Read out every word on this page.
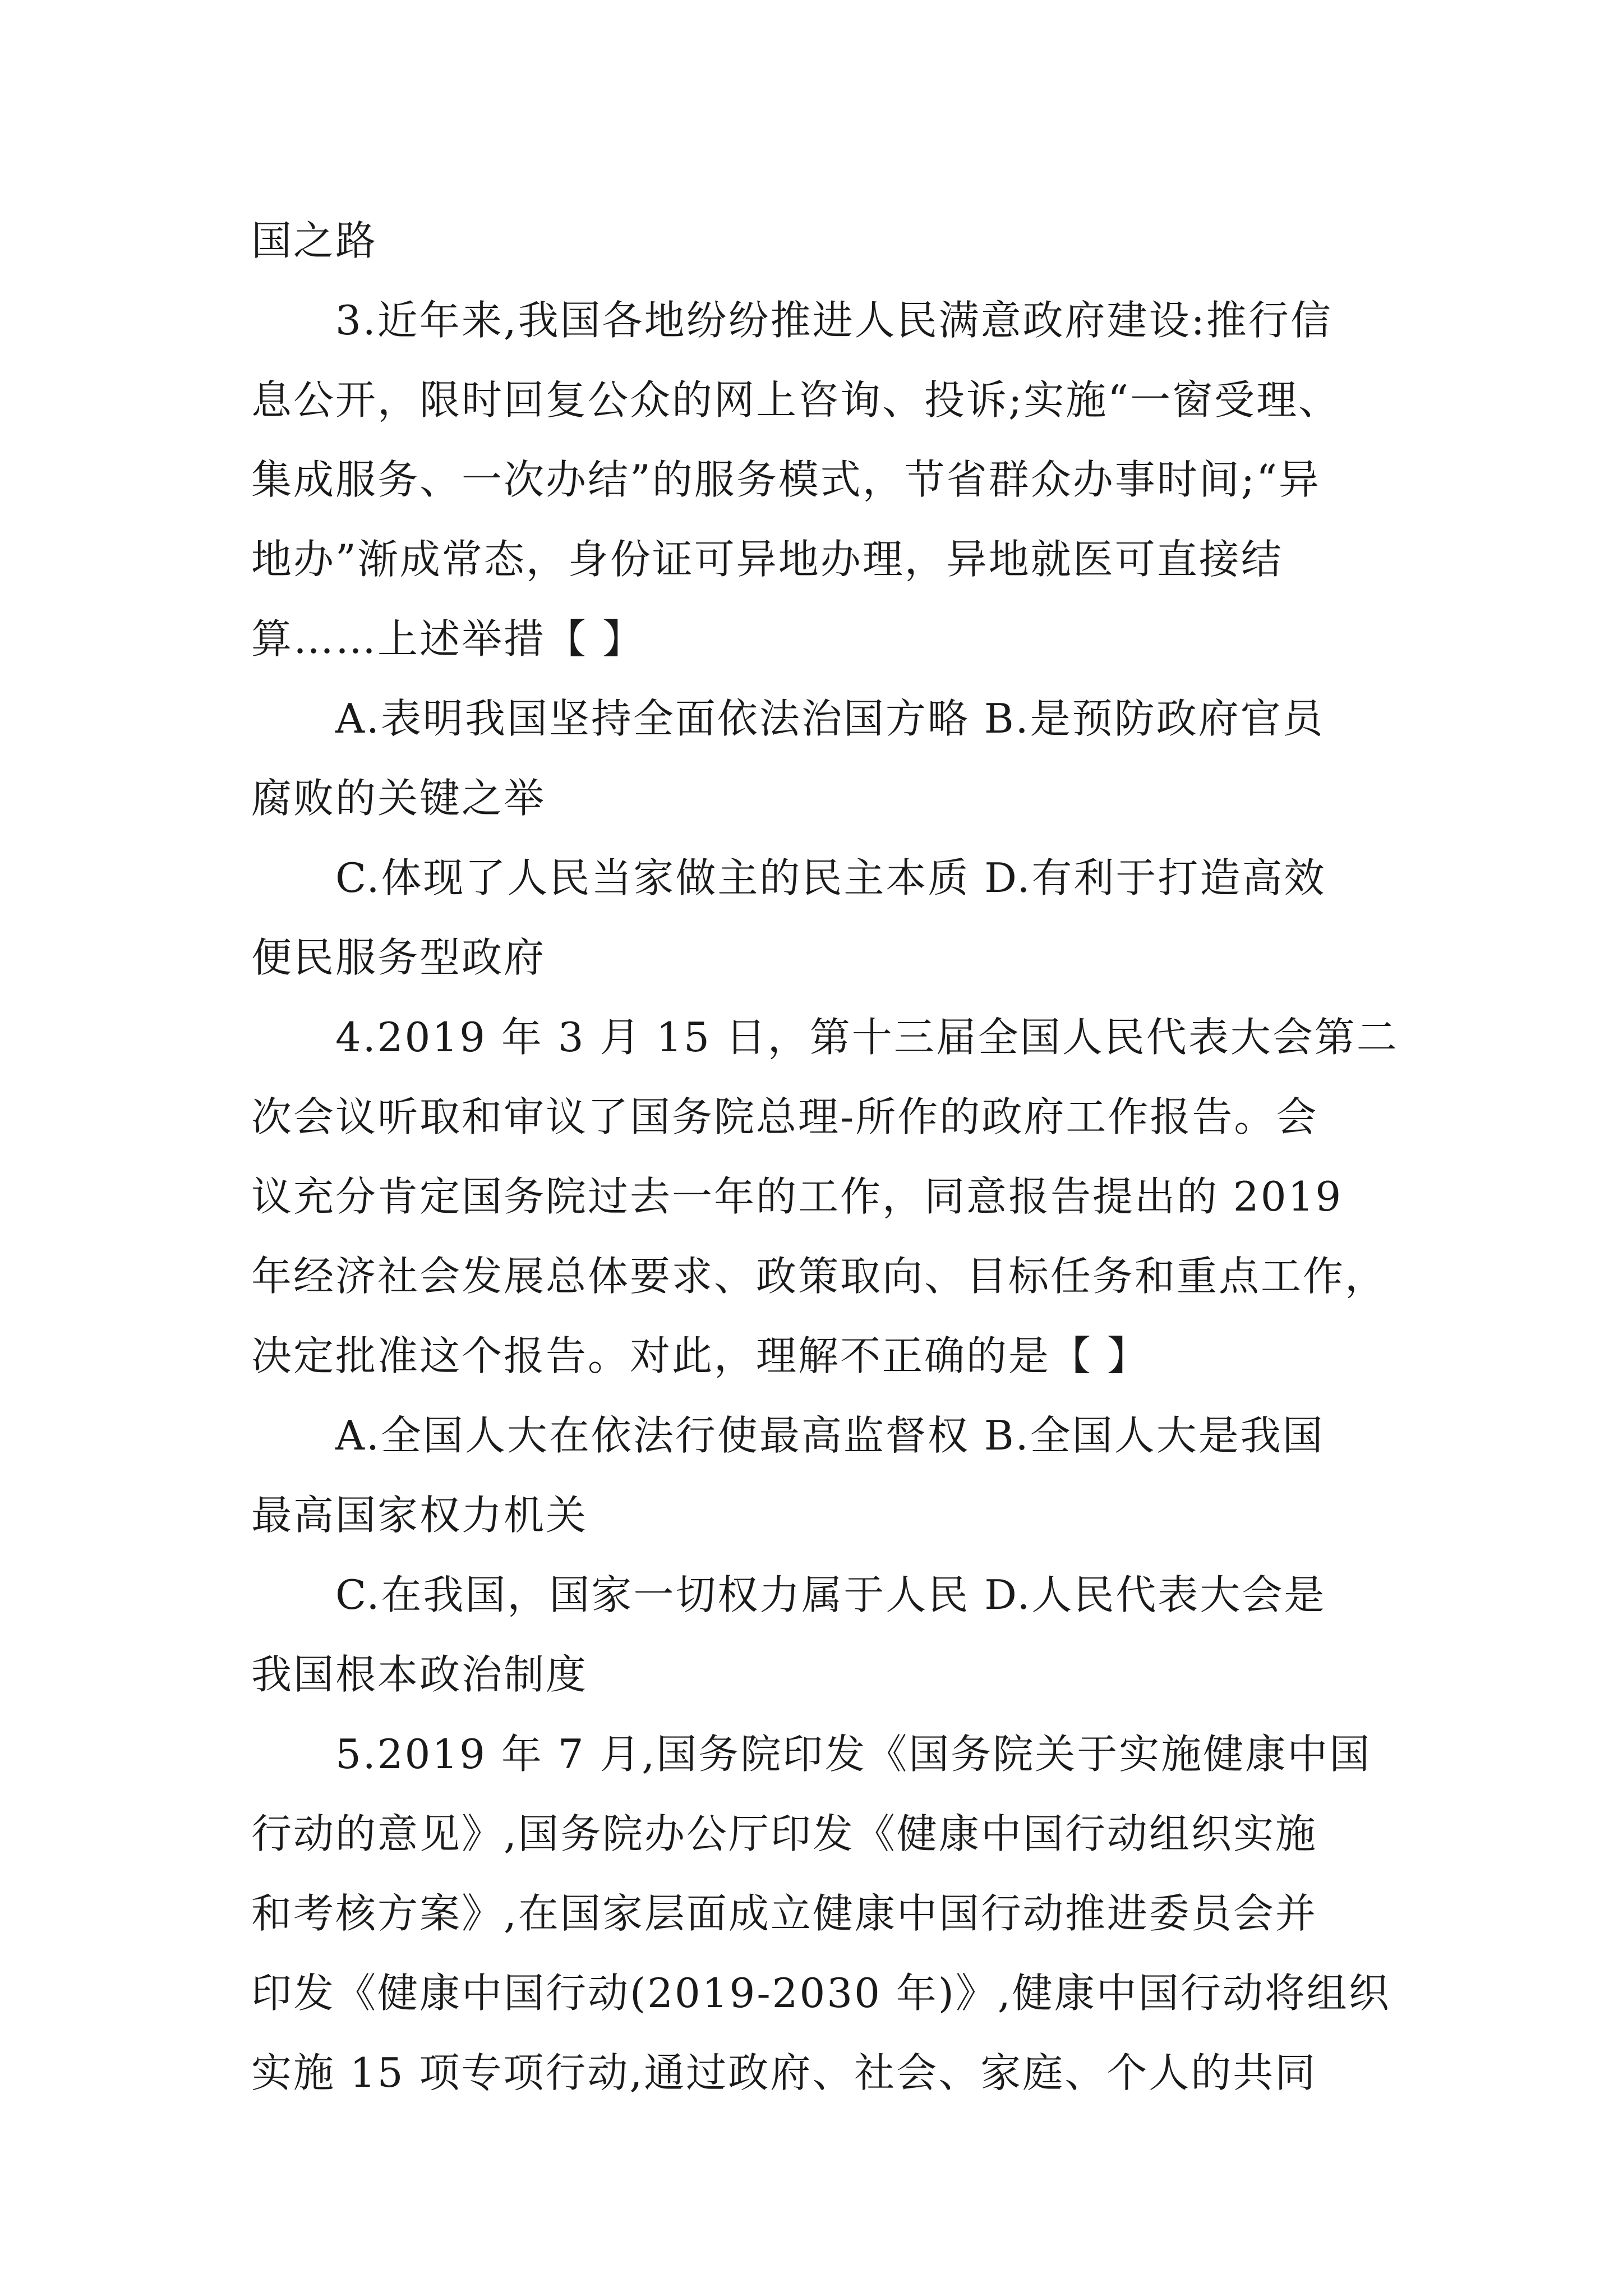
国之路

3.近年来,我国各地纷纷推进人民满意政府建设:推行信

息公开，限时回复公众的网上咨询、投诉;实施“一窗受理、

集成服务、一次办结”的服务模式，节省群众办事时间;“异

地办”渐成常态，身份证可异地办理，异地就医可直接结

算……上述举措【 】

A.表明我国坚持全面依法治国方略 B.是预防政府官员

腐败的关键之举

C.体现了人民当家做主的民主本质 D.有利于打造高效

便民服务型政府

4.2019 年 3 月 15 日，第十三届全国人民代表大会第二

次会议听取和审议了国务院总理-所作的政府工作报告。会

议充分肯定国务院过去一年的工作，同意报告提出的 2019

年经济社会发展总体要求、政策取向、目标任务和重点工作，

决定批准这个报告。对此，理解不正确的是【 】

A.全国人大在依法行使最高监督权 B.全国人大是我国

最高国家权力机关

C.在我国，国家一切权力属于人民 D.人民代表大会是

我国根本政治制度

5.2019 年 7 月,国务院印发《国务院关于实施健康中国

行动的意见》,国务院办公厅印发《健康中国行动组织实施

和考核方案》,在国家层面成立健康中国行动推进委员会并

印发《健康中国行动(2019-2030 年)》,健康中国行动将组织

实施 15 项专项行动,通过政府、社会、家庭、个人的共同
